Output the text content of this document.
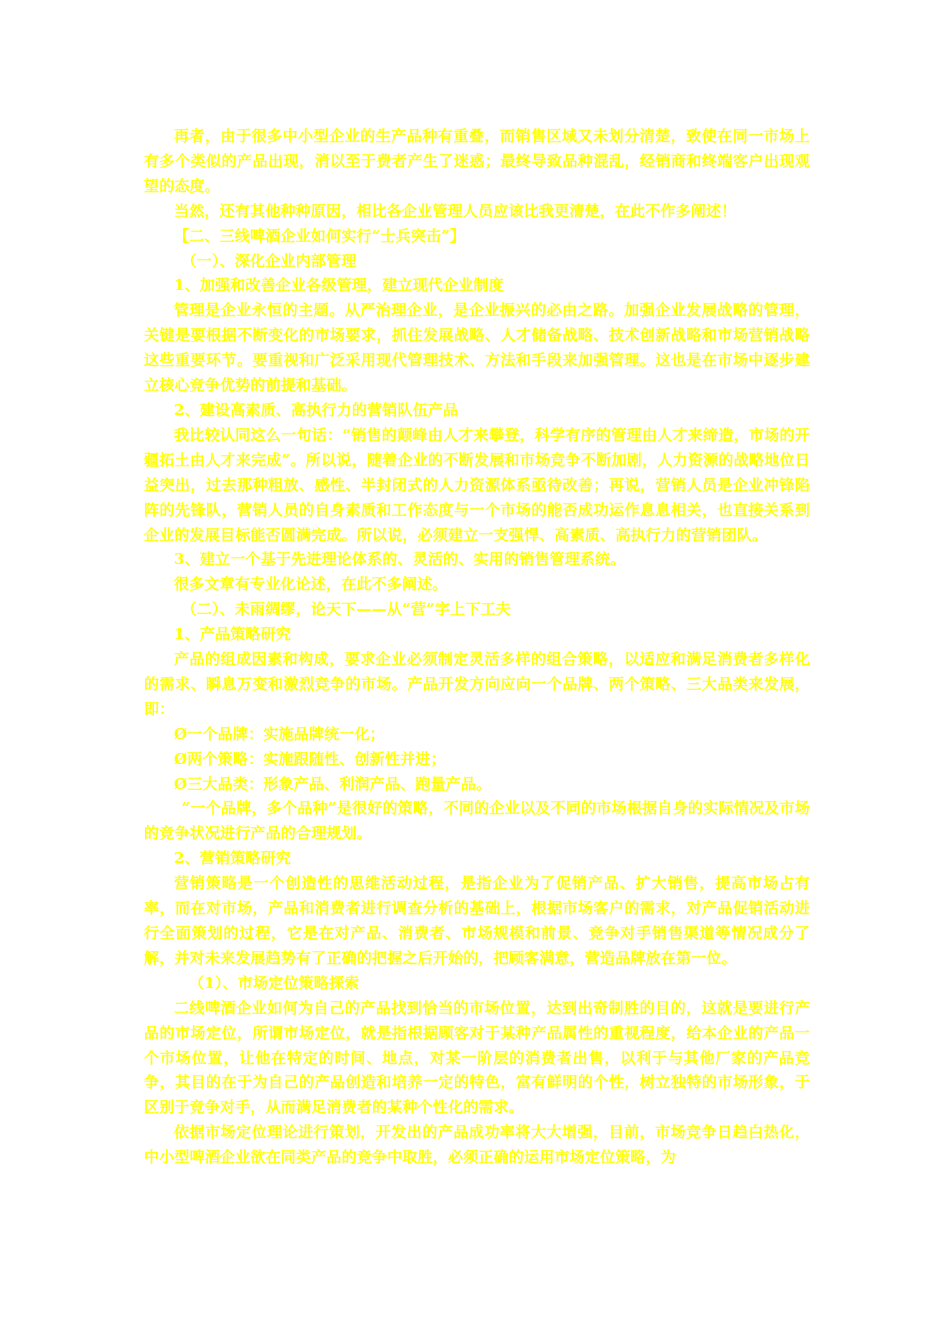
再者，由于很多中小型企业的生产品种有重叠，而销售区域又未划分清楚，致使在同一市场上有多个类似的产品出现，消以至于费者产生了迷惑；最终导致品种混乱，经销商和终端客户出现观望的态度。

当然，还有其他种种原因，相比各企业管理人员应该比我更清楚，在此不作多阐述！

【二、三线啤酒企业如何实行“士兵突击”】

（一）、深化企业内部管理

1、加强和改善企业各级管理，建立现代企业制度

管理是企业永恒的主题。从严治理企业，是企业振兴的必由之路。加强企业发展战略的管理，关键是要根据不断变化的市场要求，抓住发展战略、人才储备战略、技术创新战略和市场营销战略这些重要环节。要重视和广泛采用现代管理技术、方法和手段来加强管理。这也是在市场中逐步建立核心竞争优势的前提和基础。

2、建设高素质、高执行力的营销队伍产品

我比较认同这么一句话：“销售的颠峰由人才来攀登，科学有序的管理由人才来缔造，市场的开疆拓土由人才来完成”。所以说，随着企业的不断发展和市场竞争不断加剧，人力资源的战略地位日益突出，过去那种粗放、感性、半封闭式的人力资源体系亟待改善；再说，营销人员是企业冲锋陷阵的先锋队，营销人员的自身素质和工作态度与一个市场的能否成功运作息息相关，也直接关系到企业的发展目标能否圆满完成。所以说，必须建立一支强悍、高素质、高执行力的营销团队。

3、建立一个基于先进理论体系的、灵活的、实用的销售管理系统。

很多文章有专业化论述，在此不多阐述。

（二）、未雨绸缪，论天下——从“营”字上下工夫

1、产品策略研究

产品的组成因素和构成，要求企业必须制定灵活多样的组合策略，以适应和满足消费者多样化的需求、瞬息万变和激烈竞争的市场。产品开发方向应向一个品牌、两个策略、三大品类来发展，即：

Ø一个品牌：实施品牌统一化；

Ø两个策略：实施跟随性、创新性并进；

Ø三大品类：形象产品、利润产品、跑量产品。

“一个品牌，多个品种”是很好的策略，不同的企业以及不同的市场根据自身的实际情况及市场的竞争状况进行产品的合理规划。

2、营销策略研究

营销策略是一个创造性的思维活动过程，是指企业为了促销产品、扩大销售，提高市场占有率，而在对市场，产品和消费者进行调查分析的基础上，根据市场客户的需求，对产品促销活动进行全面策划的过程，它是在对产品、消费者、市场规模和前景、竞争对手销售渠道等情况成分了解，并对未来发展趋势有了正确的把握之后开始的，把顾客满意，营造品牌放在第一位。

（1）、市场定位策略探索

二线啤酒企业如何为自己的产品找到恰当的市场位置，达到出奇制胜的目的，这就是要进行产品的市场定位，所谓市场定位，就是指根据顾客对于某种产品属性的重视程度，给本企业的产品一个市场位置，让他在特定的时间、地点，对某一阶层的消费者出售，以利于与其他厂家的产品竞争，其目的在于为自己的产品创造和培养一定的特色，富有鲜明的个性，树立独特的市场形象，于区别于竞争对手，从而满足消费者的某种个性化的需求。

依据市场定位理论进行策划，开发出的产品成功率将大大增强，目前，市场竞争日趋白热化，中小型啤酒企业欲在同类产品的竞争中取胜，必须正确的运用市场定位策略，为
